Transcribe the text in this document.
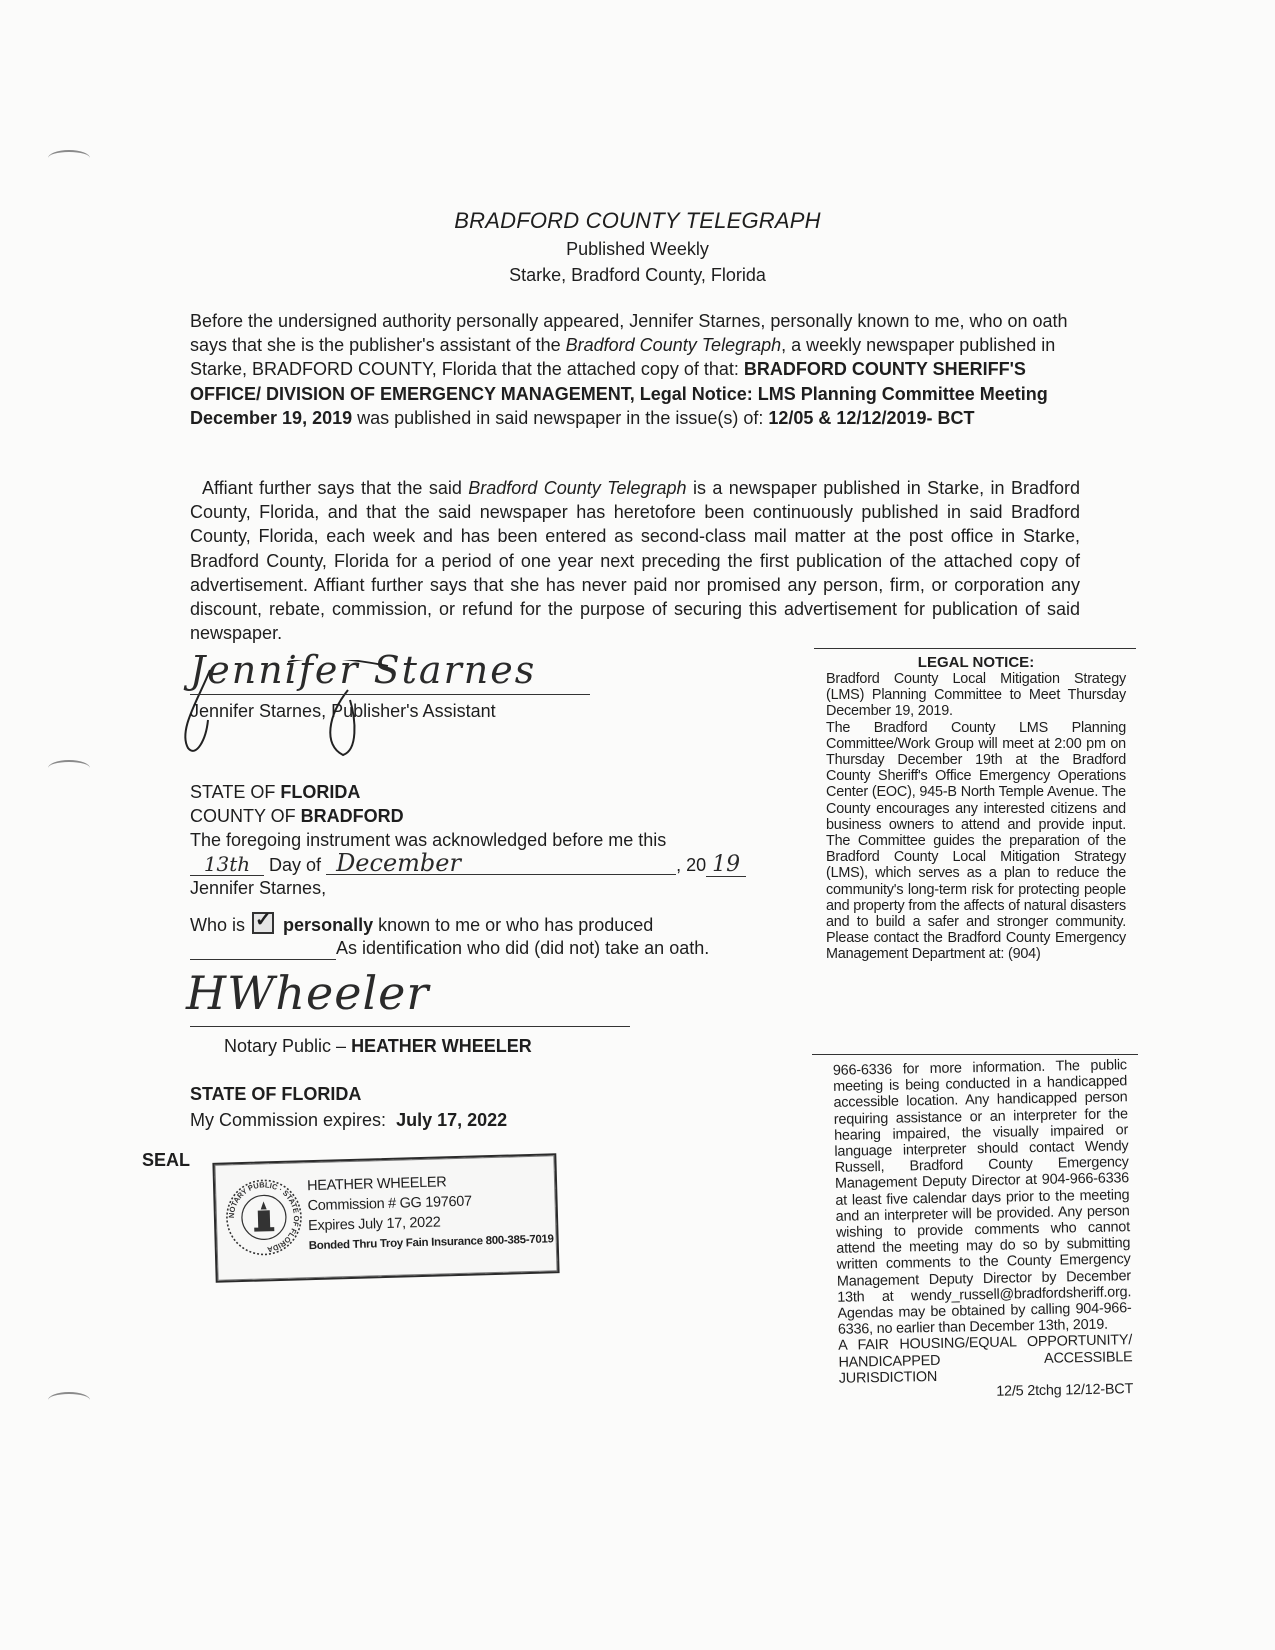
BRADFORD COUNTY TELEGRAPH
Published Weekly
Starke, Bradford County, Florida
Before the undersigned authority personally appeared, Jennifer Starnes, personally known to me, who on oath says that she is the publisher's assistant of the Bradford County Telegraph, a weekly newspaper published in Starke, BRADFORD COUNTY, Florida that the attached copy of that: BRADFORD COUNTY SHERIFF'S OFFICE/ DIVISION OF EMERGENCY MANAGEMENT, Legal Notice: LMS Planning Committee Meeting December 19, 2019 was published in said newspaper in the issue(s) of: 12/05 & 12/12/2019- BCT
Affiant further says that the said Bradford County Telegraph is a newspaper published in Starke, in Bradford County, Florida, and that the said newspaper has heretofore been continuously published in said Bradford County, Florida, each week and has been entered as second-class mail matter at the post office in Starke, Bradford County, Florida for a period of one year next preceding the first publication of the attached copy of advertisement. Affiant further says that she has never paid nor promised any person, firm, or corporation any discount, rebate, commission, or refund for the purpose of securing this advertisement for publication of said newspaper.
Jennifer Starnes
Jennifer Starnes, Publisher's Assistant
STATE OF FLORIDA
COUNTY OF BRADFORD
The foregoing instrument was acknowledged before me this
13th Day of December	, 20 19
Jennifer Starnes,
Who is ✓ personally known to me or who has produced
As identification who did (did not) take an oath.
HWheeler
Notary Public – HEATHER WHEELER
STATE OF FLORIDA
My Commission expires: July 17, 2022
SEAL
NOTARY PUBLIC · STATE OF FLORIDA
HEATHER WHEELER
Commission # GG 197607
Expires July 17, 2022
Bonded Thru Troy Fain Insurance 800-385-7019
LEGAL NOTICE:
Bradford County Local Mitigation Strategy (LMS) Planning Committee to Meet Thursday December 19, 2019.
The Bradford County LMS Planning Committee/Work Group will meet at 2:00 pm on Thursday December 19th at the Bradford County Sheriff's Office Emergency Operations Center (EOC), 945-B North Temple Avenue. The County encourages any interested citizens and business owners to attend and provide input. The Committee guides the preparation of the Bradford County Local Mitigation Strategy (LMS), which serves as a plan to reduce the community's long-term risk for protecting people and property from the affects of natural disasters and to build a safer and stronger community. Please contact the Bradford County Emergency Management Department at: (904)
966-6336 for more information. The public meeting is being conducted in a handicapped accessible location. Any handicapped person requiring assistance or an interpreter for the hearing impaired, the visually impaired or language interpreter should contact Wendy Russell, Bradford County Emergency Management Deputy Director at 904-966-6336 at least five calendar days prior to the meeting and an interpreter will be provided. Any person wishing to provide comments who cannot attend the meeting may do so by submitting written comments to the County Emergency Management Deputy Director by December 13th at wendy_russell@bradfordsheriff.org. Agendas may be obtained by calling 904-966-6336, no earlier than December 13th, 2019.
A FAIR HOUSING/EQUAL OPPORTUNITY/ HANDICAPPED ACCESSIBLE JURISDICTION
12/5 2tchg 12/12-BCT
